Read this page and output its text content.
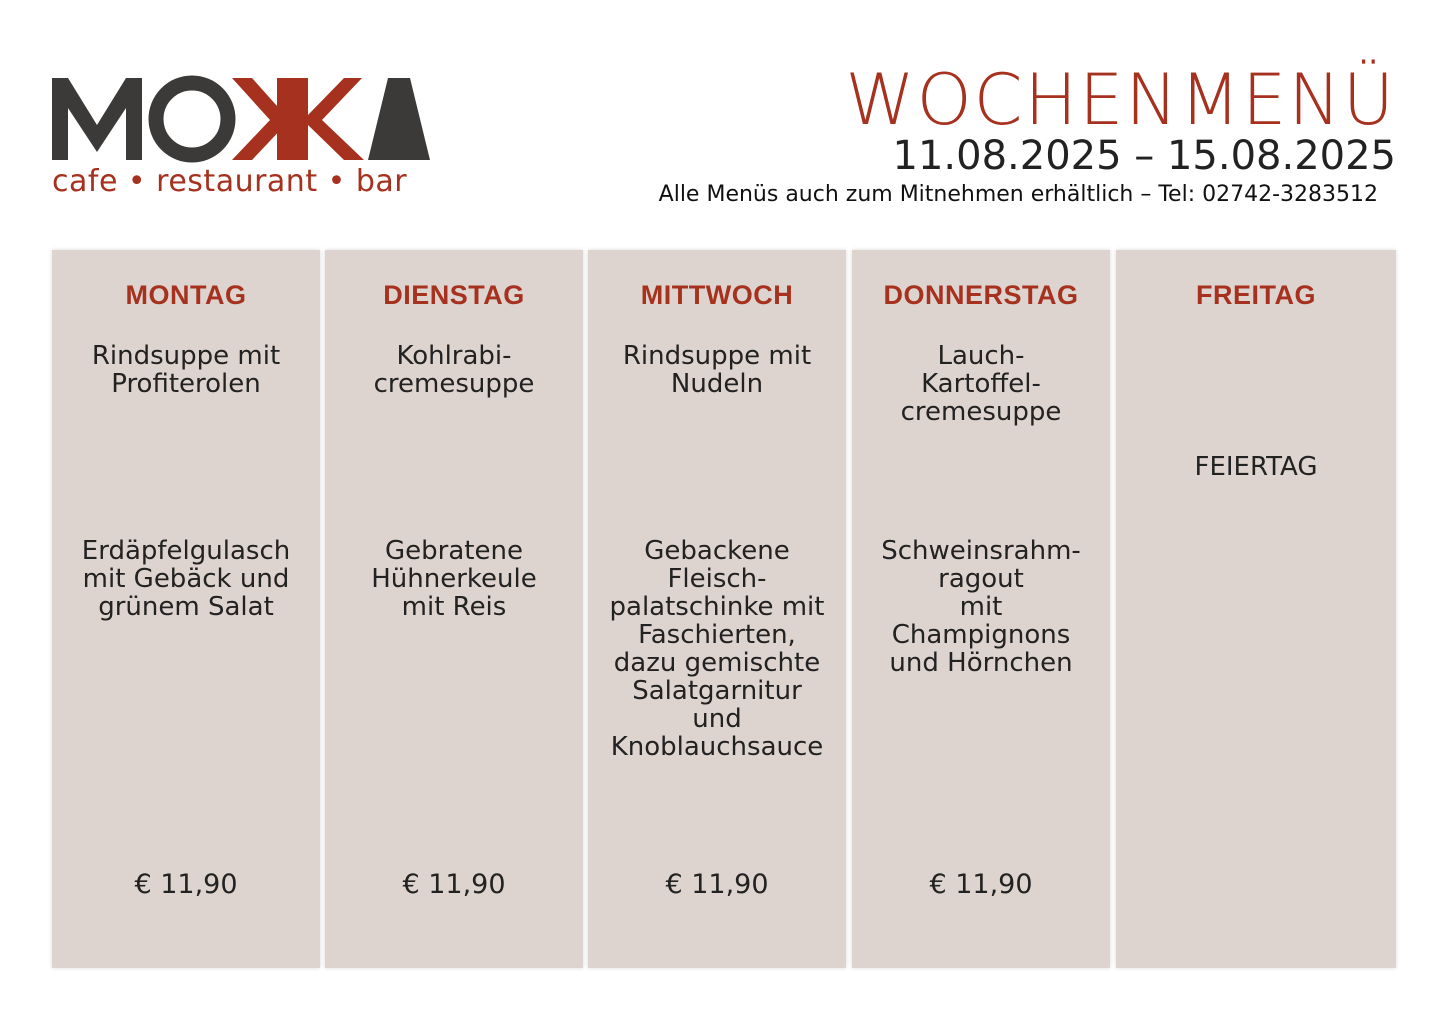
cafe • restaurant • bar
WOCHENMENÜ
11.08.2025 – 15.08.2025
Alle Menüs auch zum Mitnehmen erhältlich – Tel: 02742-3283512
MONTAG
Rindsuppe mit
Profiterolen
Erdäpfelgulasch
mit Gebäck und
grünem Salat
€ 11,90
DIENSTAG
Kohlrabi-
cremesuppe
Gebratene
Hühnerkeule
mit Reis
€ 11,90
MITTWOCH
Rindsuppe mit
Nudeln
Gebackene
Fleisch-
palatschinke mit
Faschierten,
dazu gemischte
Salatgarnitur
und
Knoblauchsauce
€ 11,90
DONNERSTAG
Lauch-
Kartoffel-
cremesuppe
Schweinsrahm-
ragout
mit
Champignons
und Hörnchen
€ 11,90
FREITAG
FEIERTAG
